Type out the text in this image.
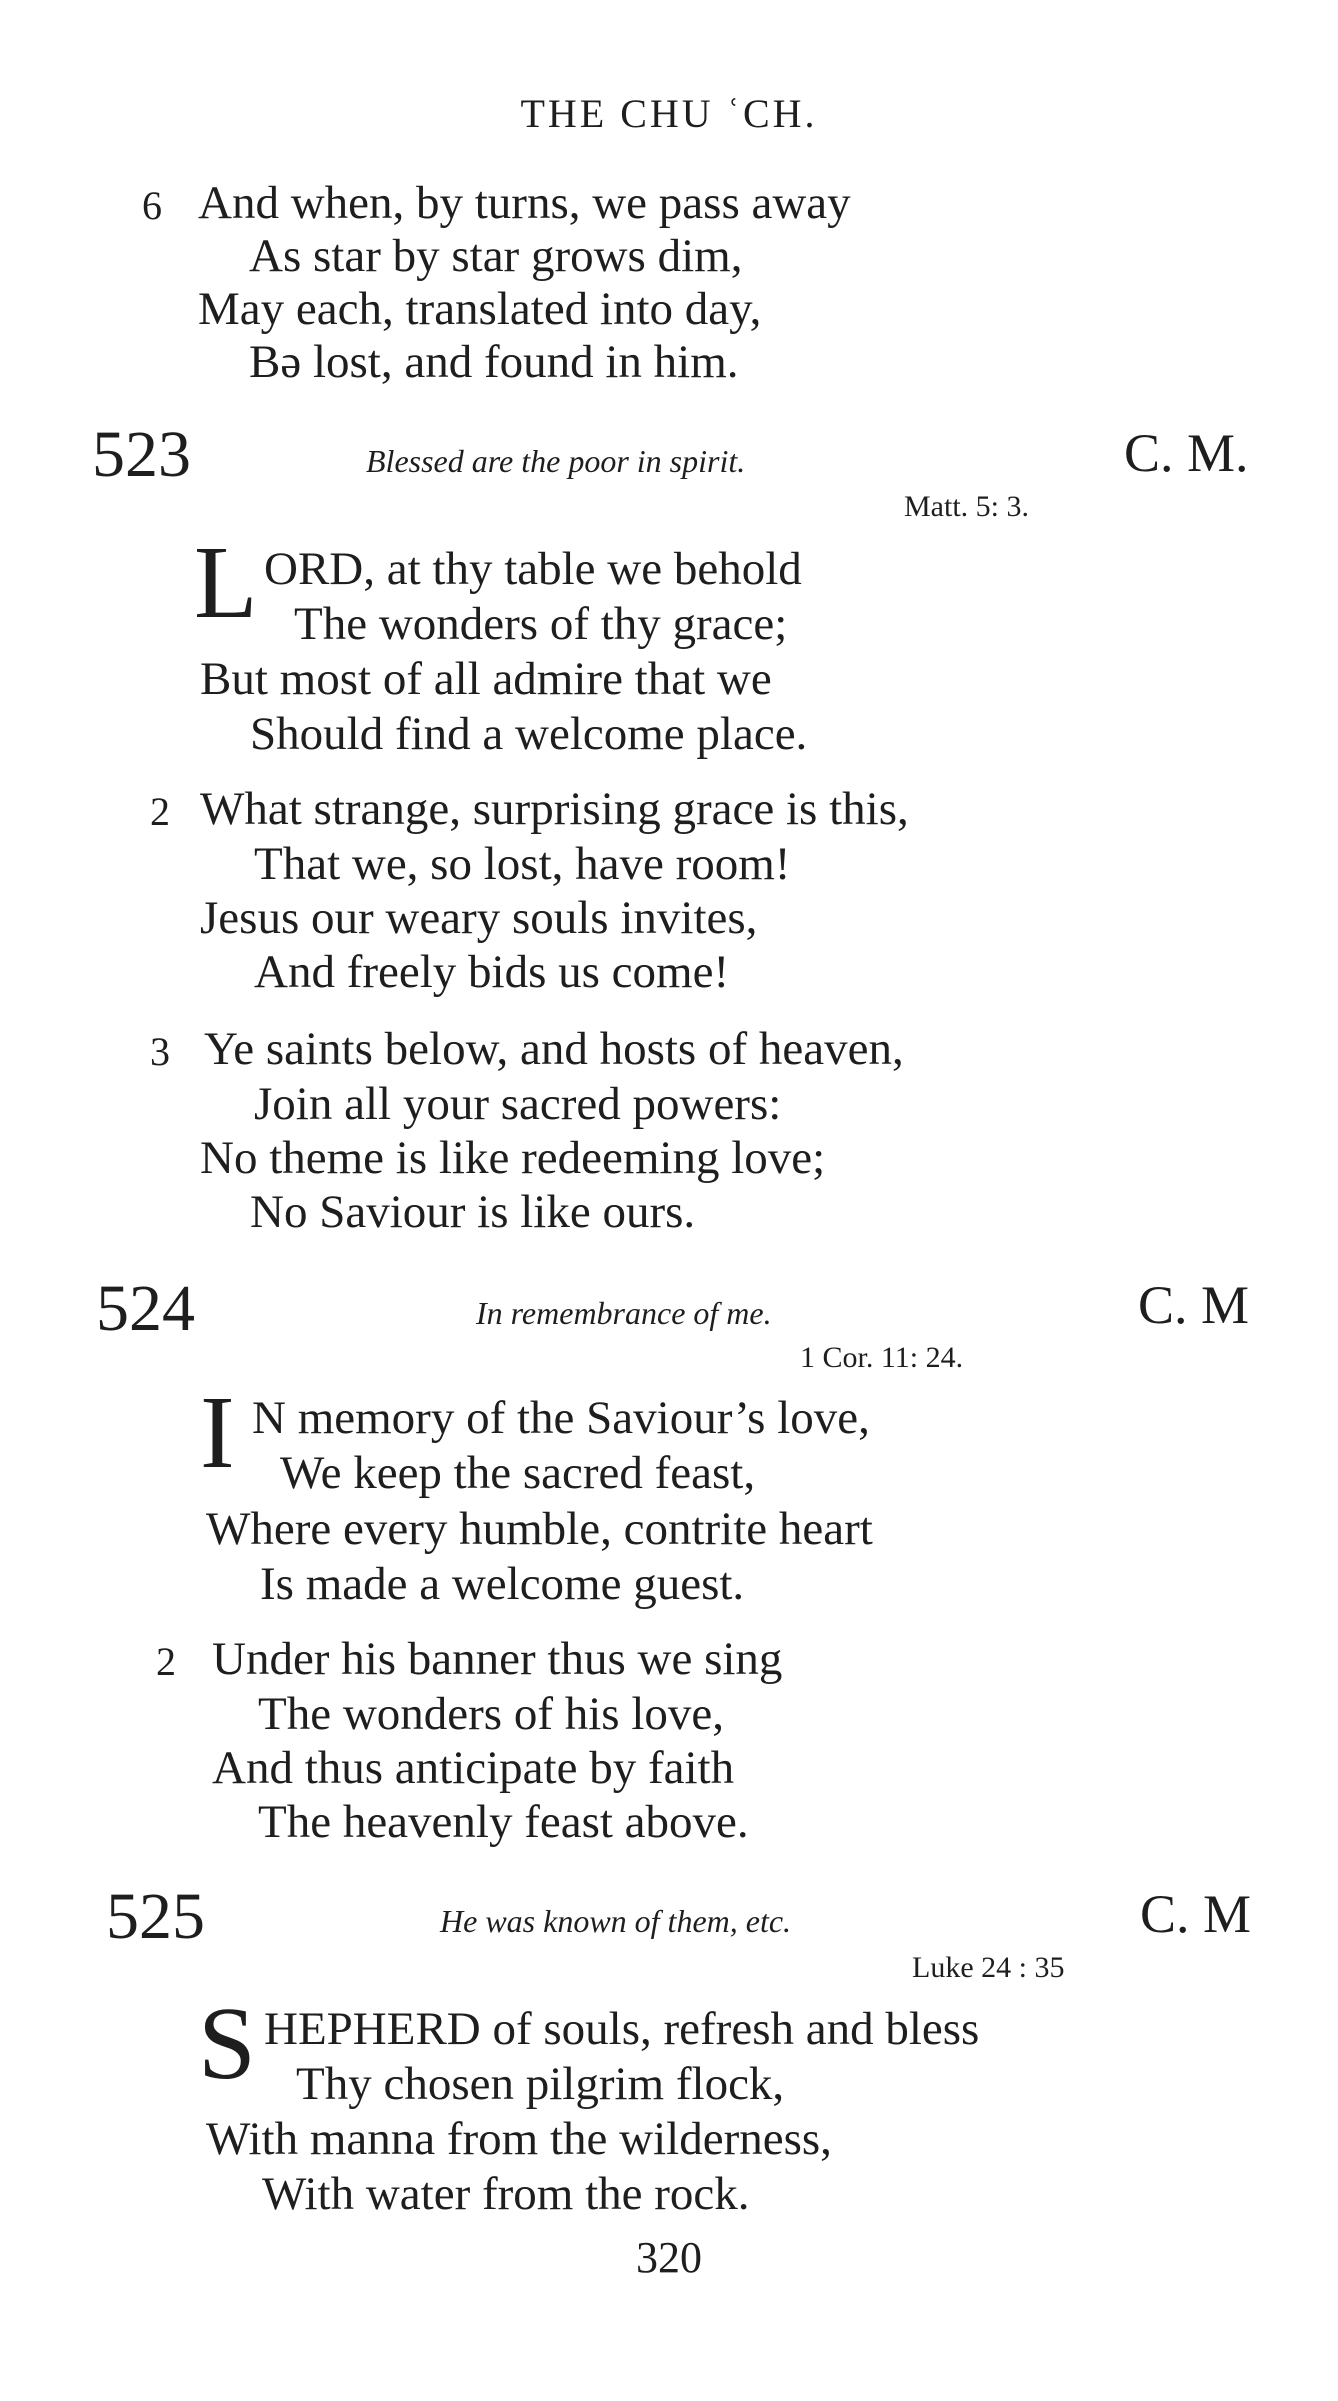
THE CHU ʿCH.
6 And when, by turns, we pass away
As star by star grows dim,
May each, translated into day,
Bə lost, and found in him.
523	Blessed are the poor in spirit.	C. M.
Matt. 5: 3.
L ORD, at thy table we behold
The wonders of thy grace;
But most of all admire that we
Should find a welcome place.
2 What strange, surprising grace is this,
That we, so lost, have room!
Jesus our weary souls invites,
And freely bids us come!
3 Ye saints below, and hosts of heaven,
Join all your sacred powers:
No theme is like redeeming love;
No Saviour is like ours.
524	In remembrance of me.	C. M
1 Cor. 11: 24.
I N memory of the Saviour’s love,
We keep the sacred feast,
Where every humble, contrite heart
Is made a welcome guest.
2 Under his banner thus we sing
The wonders of his love,
And thus anticipate by faith
The heavenly feast above.
525	He was known of them, etc.	C. M
Luke 24 : 35
S HEPHERD of souls, refresh and bless
Thy chosen pilgrim flock,
With manna from the wilderness,
With water from the rock.
320
